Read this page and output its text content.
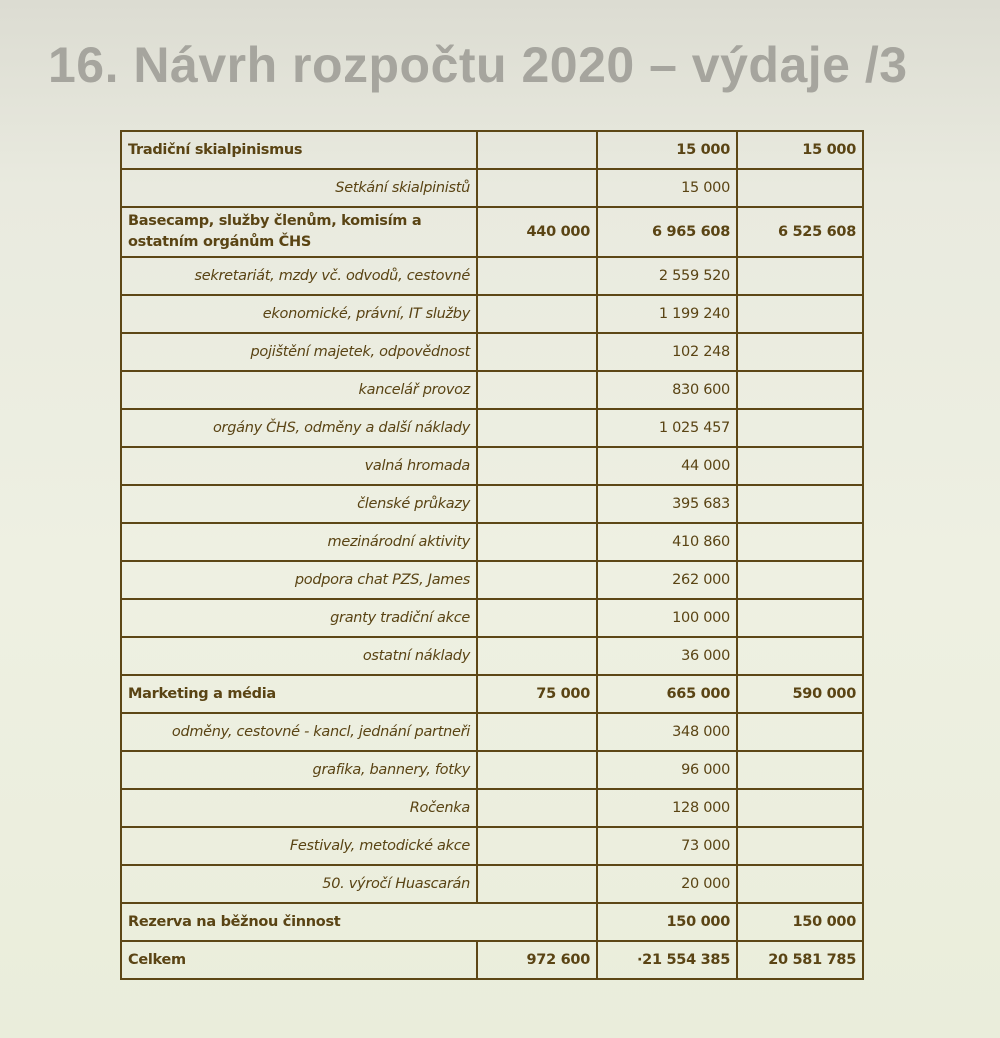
16. Návrh rozpočtu 2020 – výdaje /3
Tradiční skialpinismus		15 000	15 000
Setkání skialpinistů		15 000	
Basecamp, služby členům, komisím a ostatním orgánům ČHS	440 000	6 965 608	6 525 608
sekretariát, mzdy vč. odvodů, cestovné		2 559 520	
ekonomické, právní, IT služby		1 199 240	
pojištění majetek, odpovědnost		102 248	
kancelář provoz		830 600	
orgány ČHS, odměny a další náklady		1 025 457	
valná hromada		44 000	
členské průkazy		395 683	
mezinárodní aktivity		410 860	
podpora chat PZS, James		262 000	
granty tradiční akce		100 000	
ostatní náklady		36 000	
Marketing a média	75 000	665 000	590 000
odměny, cestovné - kancl, jednání partneři		348 000	
grafika, bannery, fotky		96 000	
Ročenka		128 000	
Festivaly, metodické akce		73 000	
50. výročí Huascarán		20 000	
Rezerva na běžnou činnost		150 000	150 000
Celkem	972 600	·21 554 385	20 581 785
